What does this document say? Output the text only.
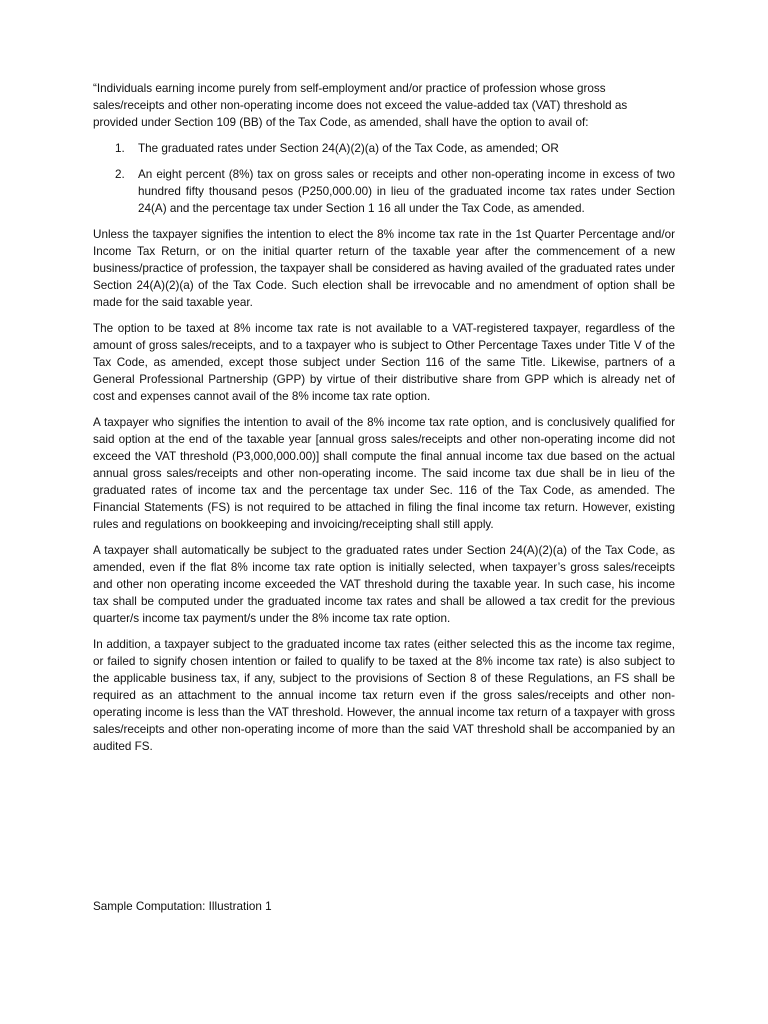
“Individuals earning income purely from self-employment and/or practice of profession whose gross sales/receipts and other non-operating income does not exceed the value-added tax (VAT) threshold as provided under Section 109 (BB) of the Tax Code, as amended, shall have the option to avail of:

1.	The graduated rates under Section 24(A)(2)(a) of the Tax Code, as amended; OR
2.	An eight percent (8%) tax on gross sales or receipts and other non-operating income in excess of two hundred fifty thousand pesos (P250,000.00) in lieu of the graduated income tax rates under Section 24(A) and the percentage tax under Section 1 16 all under the Tax Code, as amended.

Unless the taxpayer signifies the intention to elect the 8% income tax rate in the 1st Quarter Percentage and/or Income Tax Return, or on the initial quarter return of the taxable year after the commencement of a new business/practice of profession, the taxpayer shall be considered as having availed of the graduated rates under Section 24(A)(2)(a) of the Tax Code. Such election shall be irrevocable and no amendment of option shall be made for the said taxable year.

The option to be taxed at 8% income tax rate is not available to a VAT-registered taxpayer, regardless of the amount of gross sales/receipts, and to a taxpayer who is subject to Other Percentage Taxes under Title V of the Tax Code, as amended, except those subject under Section 116 of the same Title. Likewise, partners of a General Professional Partnership (GPP) by virtue of their distributive share from GPP which is already net of cost and expenses cannot avail of the 8% income tax rate option.

A taxpayer who signifies the intention to avail of the 8% income tax rate option, and is conclusively qualified for said option at the end of the taxable year [annual gross sales/receipts and other non-operating income did not exceed the VAT threshold (P3,000,000.00)] shall compute the final annual income tax due based on the actual annual gross sales/receipts and other non-operating income. The said income tax due shall be in lieu of the graduated rates of income tax and the percentage tax under Sec. 116 of the Tax Code, as amended. The Financial Statements (FS) is not required to be attached in filing the final income tax return. However, existing rules and regulations on bookkeeping and invoicing/receipting shall still apply.

A taxpayer shall automatically be subject to the graduated rates under Section 24(A)(2)(a) of the Tax Code, as amended, even if the flat 8% income tax rate option is initially selected, when taxpayer’s gross sales/receipts and other non operating income exceeded the VAT threshold during the taxable year. In such case, his income tax shall be computed under the graduated income tax rates and shall be allowed a tax credit for the previous quarter/s income tax payment/s under the 8% income tax rate option.

In addition, a taxpayer subject to the graduated income tax rates (either selected this as the income tax regime, or failed to signify chosen intention or failed to qualify to be taxed at the 8% income tax rate) is also subject to the applicable business tax, if any, subject to the provisions of Section 8 of these Regulations, an FS shall be required as an attachment to the annual income tax return even if the gross sales/receipts and other non-operating income is less than the VAT threshold. However, the annual income tax return of a taxpayer with gross sales/receipts and other non-operating income of more than the said VAT threshold shall be accompanied by an audited FS.

Sample Computation: Illustration 1
